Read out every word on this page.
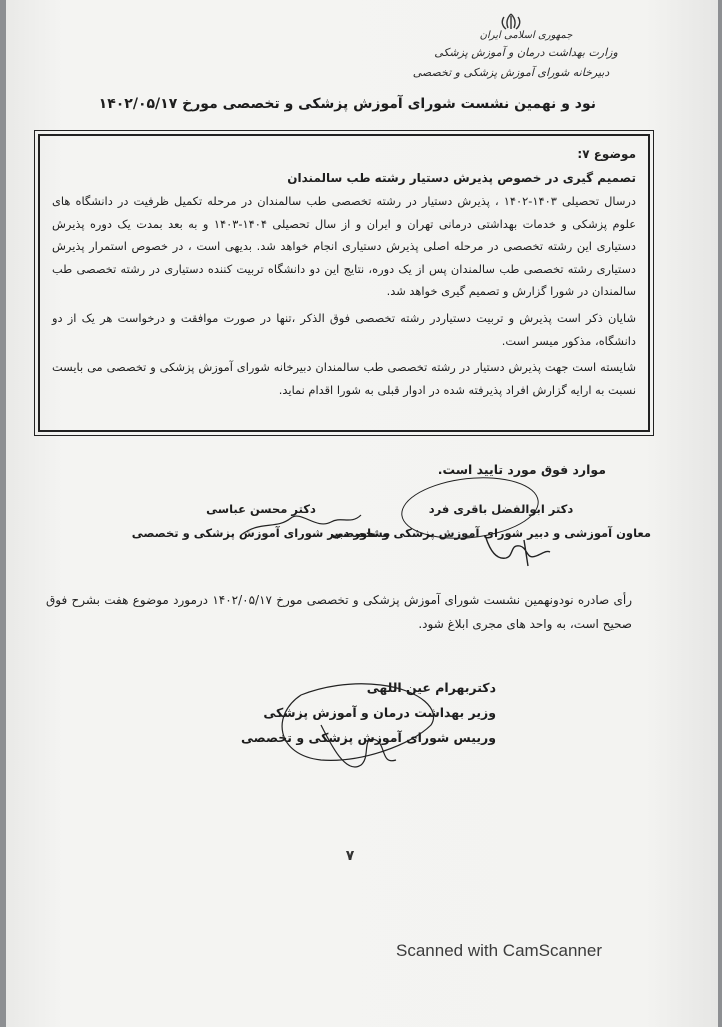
جمهوری اسلامی ایران
وزارت بهداشت درمان و آموزش پزشکی
دبیرخانه شورای آموزش پزشکی و تخصصی
نود و نهمین نشست شورای آموزش پزشکی و تخصصی مورخ ۱۴۰۲/۰۵/۱۷

موضوع ۷:

تصمیم گیری در خصوص پذیرش دستیار رشته طب سالمندان

درسال تحصیلی ۱۴۰۳-۱۴۰۲ ، پذیرش دستیار در رشته تخصصی طب سالمندان در مرحله تکمیل ظرفیت در دانشگاه های علوم پزشکی و خدمات بهداشتی درمانی تهران و ایران و از سال تحصیلی ۱۴۰۴-۱۴۰۳ و به بعد بمدت یک دوره پذیرش دستیاری این رشته تخصصی در مرحله اصلی پذیرش دستیاری انجام خواهد شد. بدیهی است ، در خصوص استمرار پذیرش دستیاری رشته تخصصی طب سالمندان پس از یک دوره، نتایج این دو دانشگاه تربیت کننده دستیاری در رشته تخصصی طب سالمندان در شورا گزارش و تصمیم گیری خواهد شد.

شایان ذکر است پذیرش و تربیت دستیاردر رشته تخصصی فوق الذکر ،تنها در صورت موافقت و درخواست هر یک از دو دانشگاه، مذکور میسر است.

شایسته است جهت پذیرش دستیار در رشته تخصصی طب سالمندان دبیرخانه شورای آموزش پزشکی و تخصصی می بایست نسبت به ارایه گزارش افراد پذیرفته شده در ادوار قبلی به شورا اقدام نماید.

موارد فوق مورد تایید است.
دکتر ابوالفضل باقری فرد
معاون آموزشی و دبیر شورای آموزش پزشکی و تخصصی
دکتر محسن عباسی
مشاور دبیر شورای آموزش پزشکی و تخصصی
رأی صادره نودونهمین نشست شورای آموزش پزشکی و تخصصی مورخ ۱۴۰۲/۰۵/۱۷ درمورد موضوع هفت بشرح فوق صحیح است، به واحد های مجری ابلاغ شود.
دکتربهرام عین اللهی
وزیر بهداشت درمان و آموزش پزشکی
ورییس شورای آموزش پزشکی و تخصصی
۷
Scanned with CamScanner
